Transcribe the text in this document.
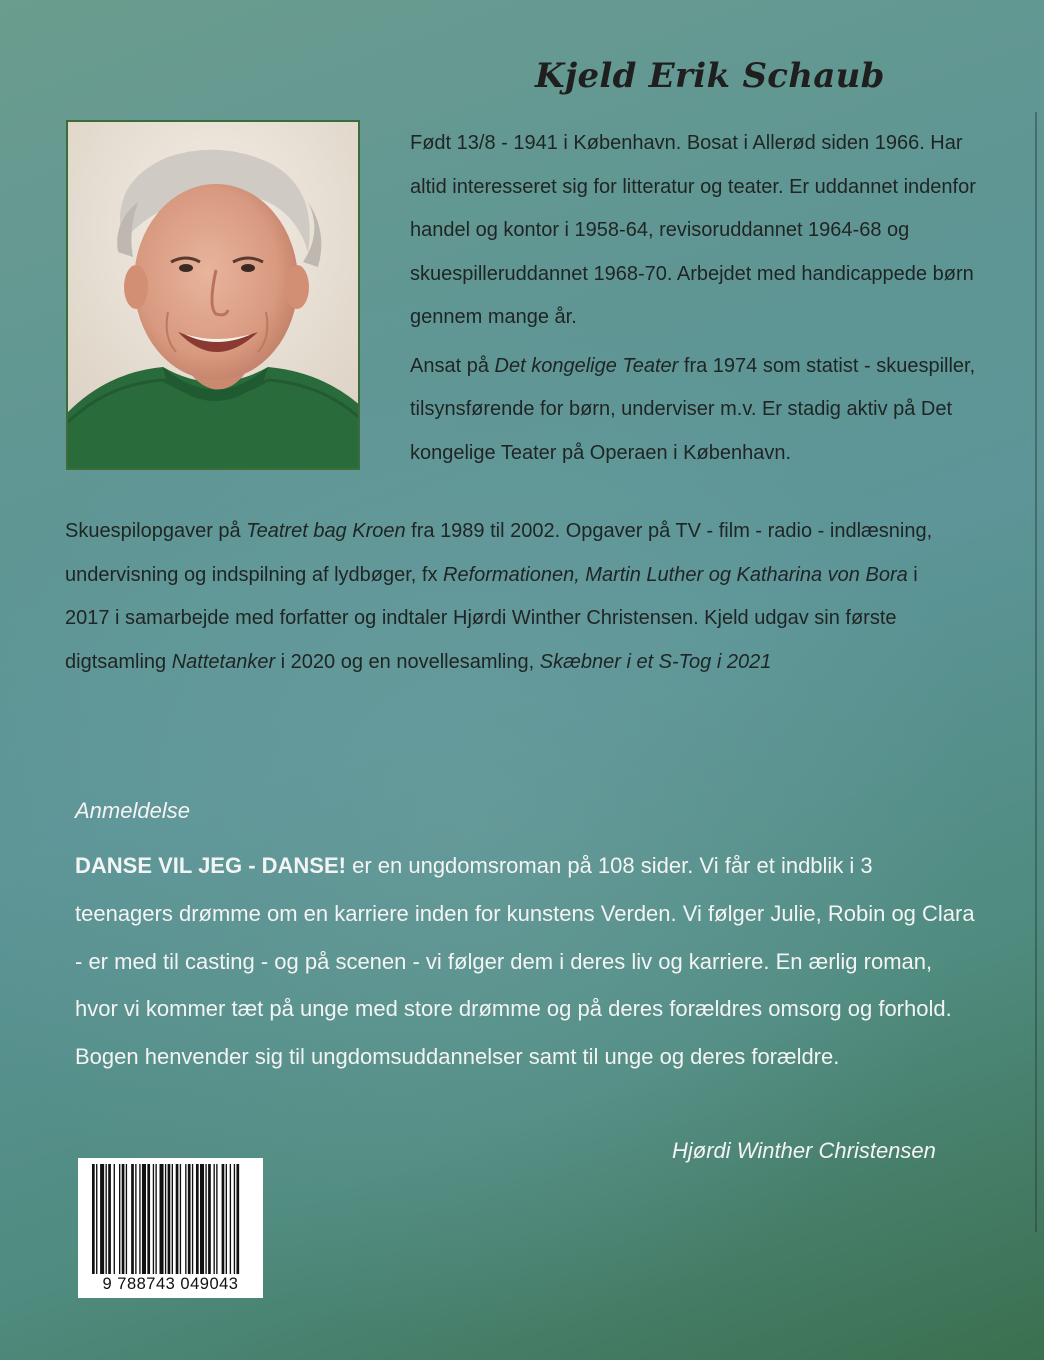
Kjeld Erik Schaub

Født 13/8 - 1941 i København. Bosat i Allerød siden 1966. Har altid interesseret sig for litteratur og teater. Er uddannet indenfor handel og kontor i 1958-64, revisoruddannet 1964-68 og skuespilleruddannet 1968-70. Arbejdet med handicappede børn gennem mange år.

Ansat på Det kongelige Teater fra 1974 som statist - skuespiller, tilsynsførende for børn, underviser m.v. Er stadig aktiv på Det kongelige Teater på Operaen i København.

Skuespilopgaver på Teatret bag Kroen fra 1989 til 2002. Opgaver på TV - film - radio - indlæsning, undervisning og indspilning af lydbøger, fx Reformationen, Martin Luther og Katharina von Bora i 2017 i samarbejde med forfatter og indtaler Hjørdi Winther Christensen. Kjeld udgav sin første digtsamling Nattetanker i 2020 og en novellesamling, Skæbner i et S-Tog i 2021

Anmeldelse

DANSE VIL JEG - DANSE! er en ungdomsroman på 108 sider. Vi får et indblik i 3 teenagers drømme om en karriere inden for kunstens Verden. Vi følger Julie, Robin og Clara - er med til casting - og på scenen - vi følger dem i deres liv og karriere. En ærlig roman, hvor vi kommer tæt på unge med store drømme og på deres forældres omsorg og forhold. Bogen henvender sig til ungdomsuddannelser samt til unge og deres forældre.

Hjørdi Winther Christensen
9 788743 049043
